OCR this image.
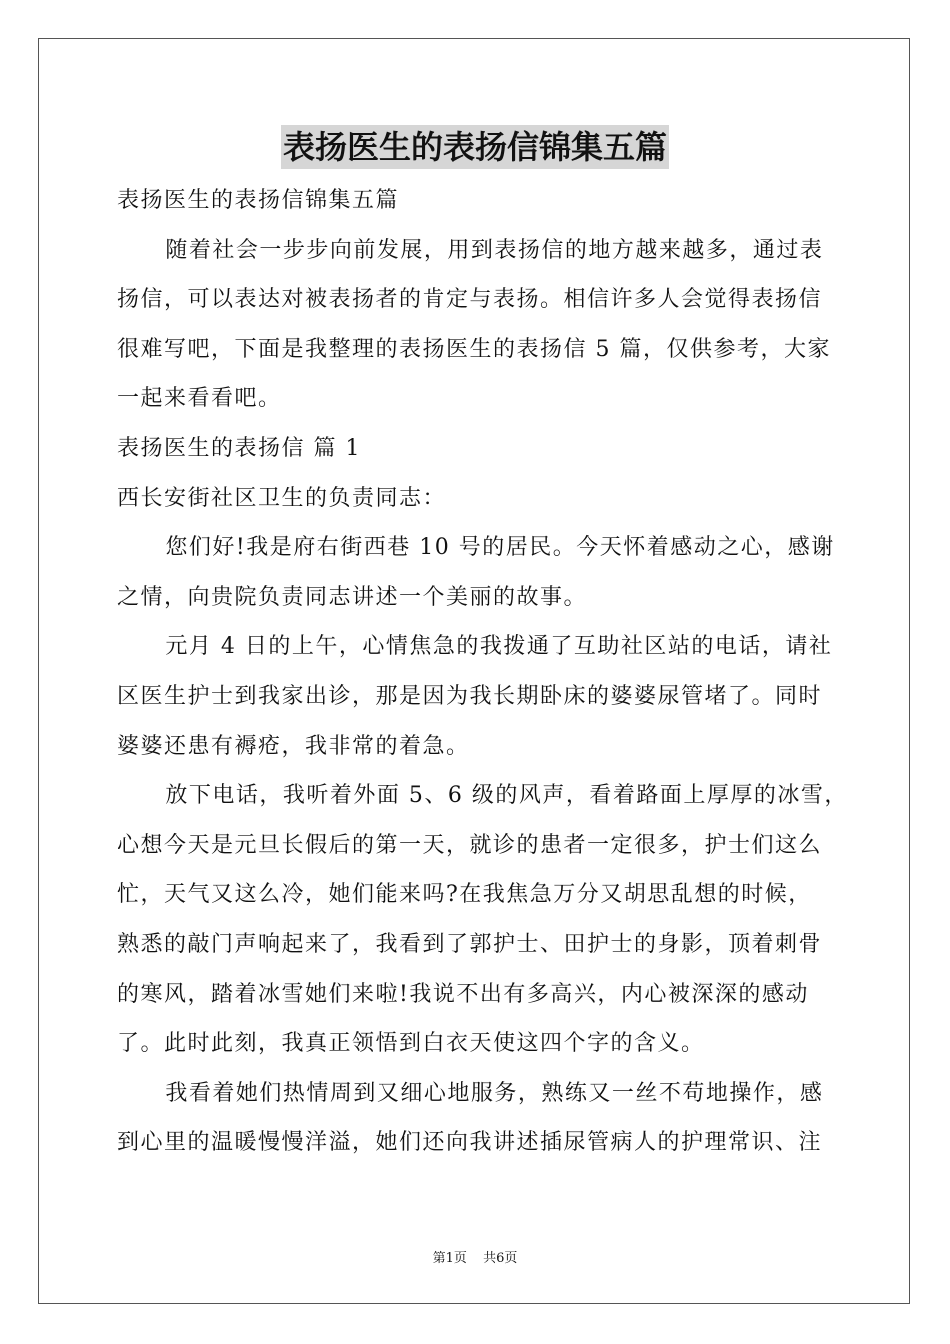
表扬医生的表扬信锦集五篇

表扬医生的表扬信锦集五篇

随着社会一步步向前发展，用到表扬信的地方越来越多，通过表

扬信，可以表达对被表扬者的肯定与表扬。相信许多人会觉得表扬信

很难写吧，下面是我整理的表扬医生的表扬信 5 篇，仅供参考，大家

一起来看看吧。

表扬医生的表扬信 篇 1

西长安街社区卫生的负责同志：

您们好!我是府右街西巷 10 号的居民。今天怀着感动之心，感谢

之情，向贵院负责同志讲述一个美丽的故事。

元月 4 日的上午，心情焦急的我拨通了互助社区站的电话，请社

区医生护士到我家出诊，那是因为我长期卧床的婆婆尿管堵了。同时

婆婆还患有褥疮，我非常的着急。

放下电话，我听着外面 5、6 级的风声，看着路面上厚厚的冰雪，

心想今天是元旦长假后的第一天，就诊的患者一定很多，护士们这么

忙，天气又这么冷，她们能来吗?在我焦急万分又胡思乱想的时候，

熟悉的敲门声响起来了，我看到了郭护士、田护士的身影，顶着刺骨

的寒风，踏着冰雪她们来啦!我说不出有多高兴，内心被深深的感动

了。此时此刻，我真正领悟到白衣天使这四个字的含义。

我看着她们热情周到又细心地服务，熟练又一丝不苟地操作，感

到心里的温暖慢慢洋溢，她们还向我讲述插尿管病人的护理常识、注

第1页 共6页
